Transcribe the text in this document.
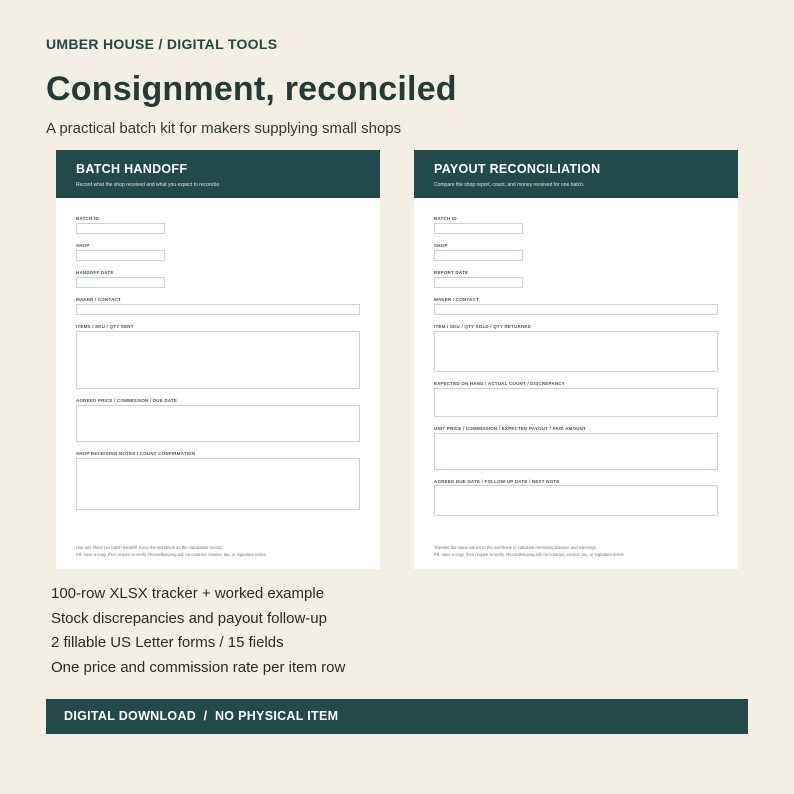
UMBER HOUSE / DIGITAL TOOLS
Consignment, reconciled
A practical batch kit for makers supplying small shops
BATCH HANDOFF
Record what the shop received and what you expect to reconcile.
BATCH ID
SHOP
HANDOFF DATE
MAKER / CONTACT
ITEMS / SKU / QTY SENT
AGREED PRICE / COMMISSION / DUE DATE
SHOP RECEIVING NOTES / COUNT CONFIRMATION
Use one sheet per batch handoff. Keep the workbook as the calculation record.
Fill, save a copy, then reopen to verify. Recordkeeping aid; no contract, invoice, tax, or signature terms.
PAYOUT RECONCILIATION
Compare the shop report, count, and money received for one batch.
BATCH ID
SHOP
REPORT DATE
MAKER / CONTACT
ITEM / SKU / QTY SOLD / QTY RETURNED
EXPECTED ON HAND / ACTUAL COUNT / DISCREPANCY
UNIT PRICE / COMMISSION / EXPECTED PAYOUT / PAID AMOUNT
AGREED DUE DATE / FOLLOW-UP DATE / NEXT NOTE
Transfer the same values to the workbook to calculate remaining balance and warnings.
Fill, save a copy, then reopen to verify. Recordkeeping aid; no contract, invoice, tax, or signature terms.
100-row XLSX tracker + worked example
Stock discrepancies and payout follow-up
2 fillable US Letter forms / 15 fields
One price and commission rate per item row
DIGITAL DOWNLOAD  /  NO PHYSICAL ITEM
